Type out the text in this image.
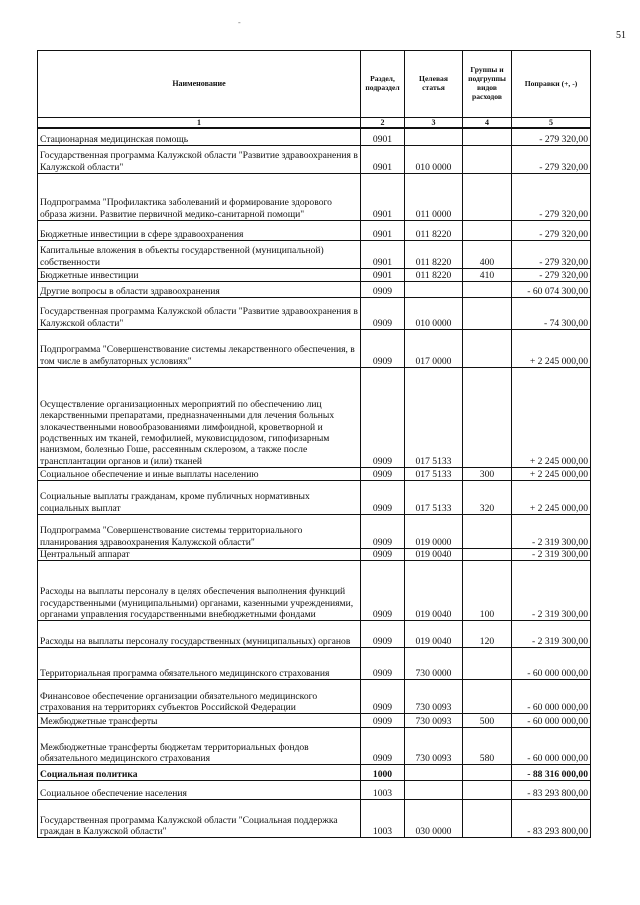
51
-
Наименование	Раздел, подраздел	Целевая статья	Группы и подгруппы видов расходов	Поправки (+, -)
1	2	3	4	5
Стационарная медицинская помощь	0901			- 279 320,00
Государственная программа Калужской области "Развитие здравоохранения в Калужской области"	0901	010 0000		- 279 320,00
Подпрограмма "Профилактика заболеваний и формирование здорового образа жизни. Развитие первичной медико-санитарной помощи"	0901	011 0000		- 279 320,00
Бюджетные инвестиции в сфере здравоохранения	0901	011 8220		- 279 320,00
Капитальные вложения в объекты государственной (муниципальной) собственности	0901	011 8220	400	- 279 320,00
Бюджетные инвестиции	0901	011 8220	410	- 279 320,00
Другие вопросы в области здравоохранения	0909			- 60 074 300,00
Государственная программа Калужской области "Развитие здравоохранения в Калужской области"	0909	010 0000		- 74 300,00
Подпрограмма "Совершенствование системы лекарственного обеспечения, в том числе в амбулаторных условиях"	0909	017 0000		+ 2 245 000,00
Осуществление организационных мероприятий по обеспечению лиц лекарственными препаратами, предназначенными для лечения больных злокачественными новообразованиями лимфоидной, кроветворной и родственных им тканей, гемофилией, муковисцидозом, гипофизарным нанизмом, болезнью Гоше, рассеянным склерозом, а также после трансплантации органов и (или) тканей	0909	017 5133		+ 2 245 000,00
Социальное обеспечение и иные выплаты населению	0909	017 5133	300	+ 2 245 000,00
Социальные выплаты гражданам, кроме публичных нормативных социальных выплат	0909	017 5133	320	+ 2 245 000,00
Подпрограмма "Совершенствование системы территориального планирования здравоохранения Калужской области"	0909	019 0000		- 2 319 300,00
Центральный аппарат	0909	019 0040		- 2 319 300,00
Расходы на выплаты персоналу в целях обеспечения выполнения функций государственными (муниципальными) органами, казенными учреждениями, органами управления государственными внебюджетными фондами	0909	019 0040	100	- 2 319 300,00
Расходы на выплаты персоналу государственных (муниципальных) органов	0909	019 0040	120	- 2 319 300,00
Территориальная программа обязательного медицинского страхования	0909	730 0000		- 60 000 000,00
Финансовое обеспечение организации обязательного медицинского страхования на территориях субъектов Российской Федерации	0909	730 0093		- 60 000 000,00
Межбюджетные трансферты	0909	730 0093	500	- 60 000 000,00
Межбюджетные трансферты бюджетам территориальных фондов обязательного медицинского страхования	0909	730 0093	580	- 60 000 000,00
Социальная политика	1000			- 88 316 000,00
Социальное обеспечение населения	1003			- 83 293 800,00
Государственная программа Калужской области "Социальная поддержка граждан в Калужской области"	1003	030 0000		- 83 293 800,00
